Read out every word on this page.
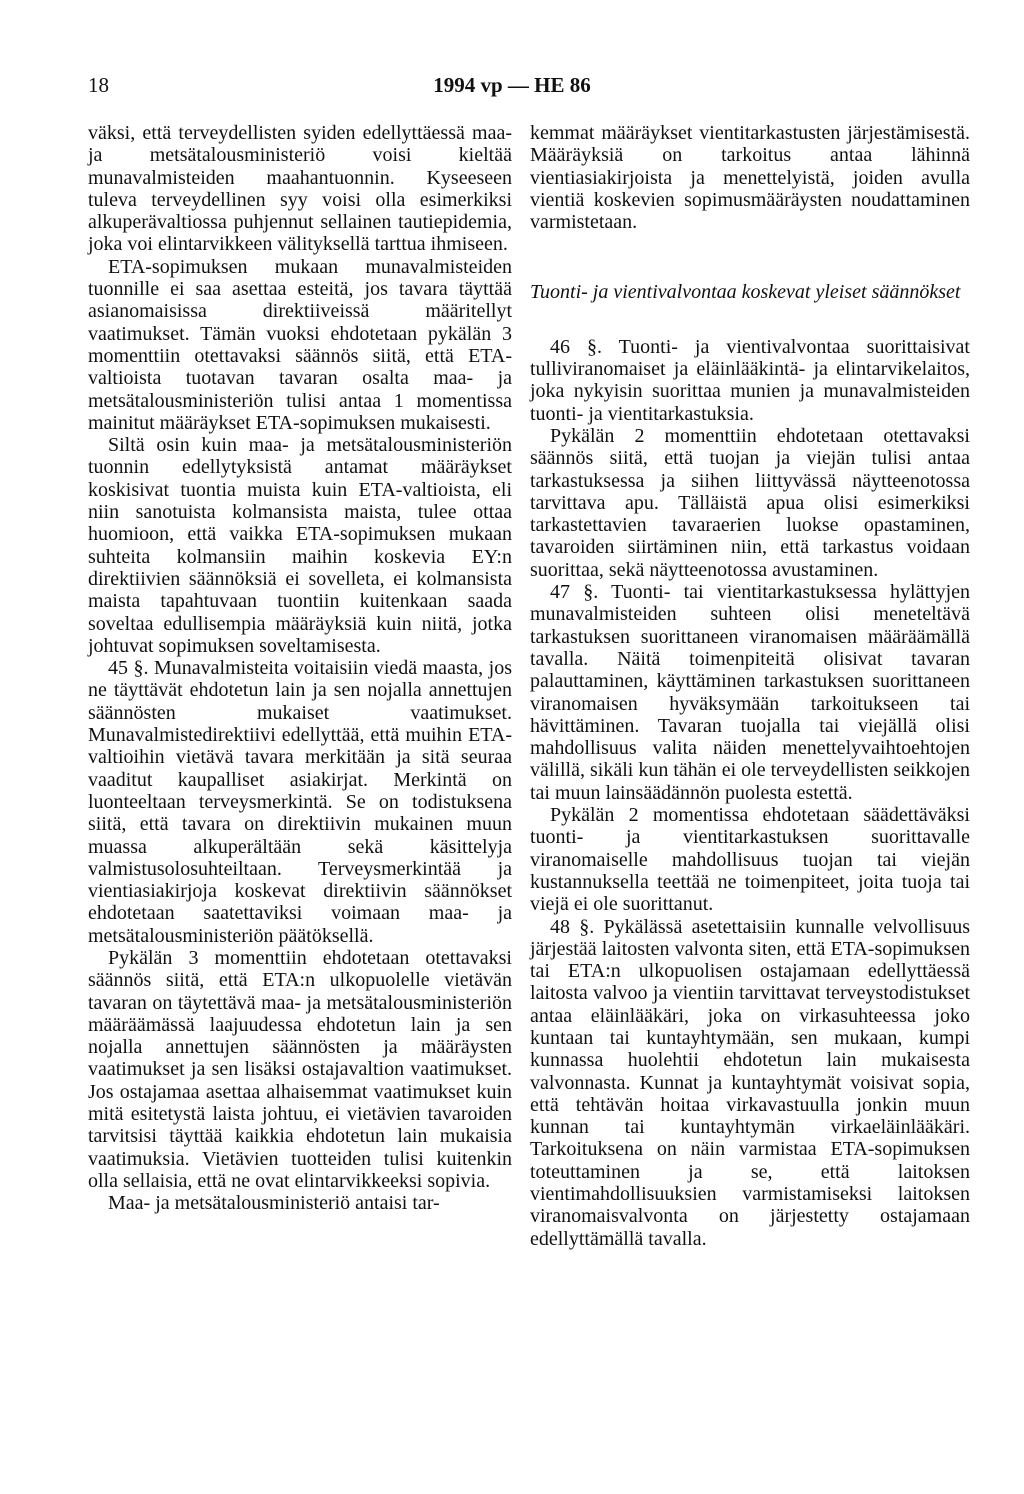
18	1994 vp — HE 86

väksi, että terveydellisten syiden edellyttäessä maa- ja metsätalousministeriö voisi kieltää munavalmisteiden maahantuonnin. Kyseeseen tuleva terveydellinen syy voisi olla esimerkiksi alkuperävaltiossa puhjennut sellainen tautiepidemia, joka voi elintarvikkeen välityksellä tarttua ihmiseen.

ETA-sopimuksen mukaan munavalmisteiden tuonnille ei saa asettaa esteitä, jos tavara täyttää asianomaisissa direktiiveissä määritellyt vaatimukset. Tämän vuoksi ehdotetaan pykälän 3 momenttiin otettavaksi säännös siitä, että ETA-valtioista tuotavan tavaran osalta maa- ja metsätalousministeriön tulisi antaa 1 momentissa mainitut määräykset ETA-sopimuksen mukaisesti.

Siltä osin kuin maa- ja metsätalousministeriön tuonnin edellytyksistä antamat määräykset koskisivat tuontia muista kuin ETA-valtioista, eli niin sanotuista kolmansista maista, tulee ottaa huomioon, että vaikka ETA-sopimuksen mukaan suhteita kolmansiin maihin koskevia EY:n direktiivien säännöksiä ei sovelleta, ei kolmansista maista tapahtuvaan tuontiin kuitenkaan saada soveltaa edullisempia määräyksiä kuin niitä, jotka johtuvat sopimuksen soveltamisesta.

45 §. Munavalmisteita voitaisiin viedä maasta, jos ne täyttävät ehdotetun lain ja sen nojalla annettujen säännösten mukaiset vaatimukset. Munavalmistedirektiivi edellyttää, että muihin ETA-valtioihin vietävä tavara merkitään ja sitä seuraa vaaditut kaupalliset asiakirjat. Merkintä on luonteeltaan terveysmerkintä. Se on todistuksena siitä, että tavara on direktiivin mukainen muun muassa alkuperältään sekä käsittelyja valmistusolosuhteiltaan. Terveysmerkintää ja vientiasiakirjoja koskevat direktiivin säännökset ehdotetaan saatettaviksi voimaan maa- ja metsätalousministeriön päätöksellä.

Pykälän 3 momenttiin ehdotetaan otettavaksi säännös siitä, että ETA:n ulkopuolelle vietävän tavaran on täytettävä maa- ja metsätalousministeriön määräämässä laajuudessa ehdotetun lain ja sen nojalla annettujen säännösten ja määräysten vaatimukset ja sen lisäksi ostajavaltion vaatimukset. Jos ostajamaa asettaa alhaisemmat vaatimukset kuin mitä esitetystä laista johtuu, ei vietävien tavaroiden tarvitsisi täyttää kaikkia ehdotetun lain mukaisia vaatimuksia. Vietävien tuotteiden tulisi kuitenkin olla sellaisia, että ne ovat elintarvikkeeksi sopivia.

Maa- ja metsätalousministeriö antaisi tar-

kemmat määräykset vientitarkastusten järjestämisestä. Määräyksiä on tarkoitus antaa lähinnä vientiasiakirjoista ja menettelyistä, joiden avulla vientiä koskevien sopimusmääräysten noudattaminen varmistetaan.

Tuonti- ja vientivalvontaa koskevat yleiset säännökset

46 §. Tuonti- ja vientivalvontaa suorittaisivat tulliviranomaiset ja eläinlääkintä- ja elintarvikelaitos, joka nykyisin suorittaa munien ja munavalmisteiden tuonti- ja vientitarkastuksia.

Pykälän 2 momenttiin ehdotetaan otettavaksi säännös siitä, että tuojan ja viejän tulisi antaa tarkastuksessa ja siihen liittyvässä näytteenotossa tarvittava apu. Tälläistä apua olisi esimerkiksi tarkastettavien tavaraerien luokse opastaminen, tavaroiden siirtäminen niin, että tarkastus voidaan suorittaa, sekä näytteenotossa avustaminen.

47 §. Tuonti- tai vientitarkastuksessa hylättyjen munavalmisteiden suhteen olisi meneteltävä tarkastuksen suorittaneen viranomaisen määräämällä tavalla. Näitä toimenpiteitä olisivat tavaran palauttaminen, käyttäminen tarkastuksen suorittaneen viranomaisen hyväksymään tarkoitukseen tai hävittäminen. Tavaran tuojalla tai viejällä olisi mahdollisuus valita näiden menettelyvaihtoehtojen välillä, sikäli kun tähän ei ole terveydellisten seikkojen tai muun lainsäädännön puolesta estettä.

Pykälän 2 momentissa ehdotetaan säädettäväksi tuonti- ja vientitarkastuksen suorittavalle viranomaiselle mahdollisuus tuojan tai viejän kustannuksella teettää ne toimenpiteet, joita tuoja tai viejä ei ole suorittanut.

48 §. Pykälässä asetettaisiin kunnalle velvollisuus järjestää laitosten valvonta siten, että ETA-sopimuksen tai ETA:n ulkopuolisen ostajamaan edellyttäessä laitosta valvoo ja vientiin tarvittavat terveystodistukset antaa eläinlääkäri, joka on virkasuhteessa joko kuntaan tai kuntayhtymään, sen mukaan, kumpi kunnassa huolehtii ehdotetun lain mukaisesta valvonnasta. Kunnat ja kuntayhtymät voisivat sopia, että tehtävän hoitaa virkavastuulla jonkin muun kunnan tai kuntayhtymän virkaeläinlääkäri. Tarkoituksena on näin varmistaa ETA-sopimuksen toteuttaminen ja se, että laitoksen vientimahdollisuuksien varmistamiseksi laitoksen viranomaisvalvonta on järjestetty ostajamaan edellyttämällä tavalla.
